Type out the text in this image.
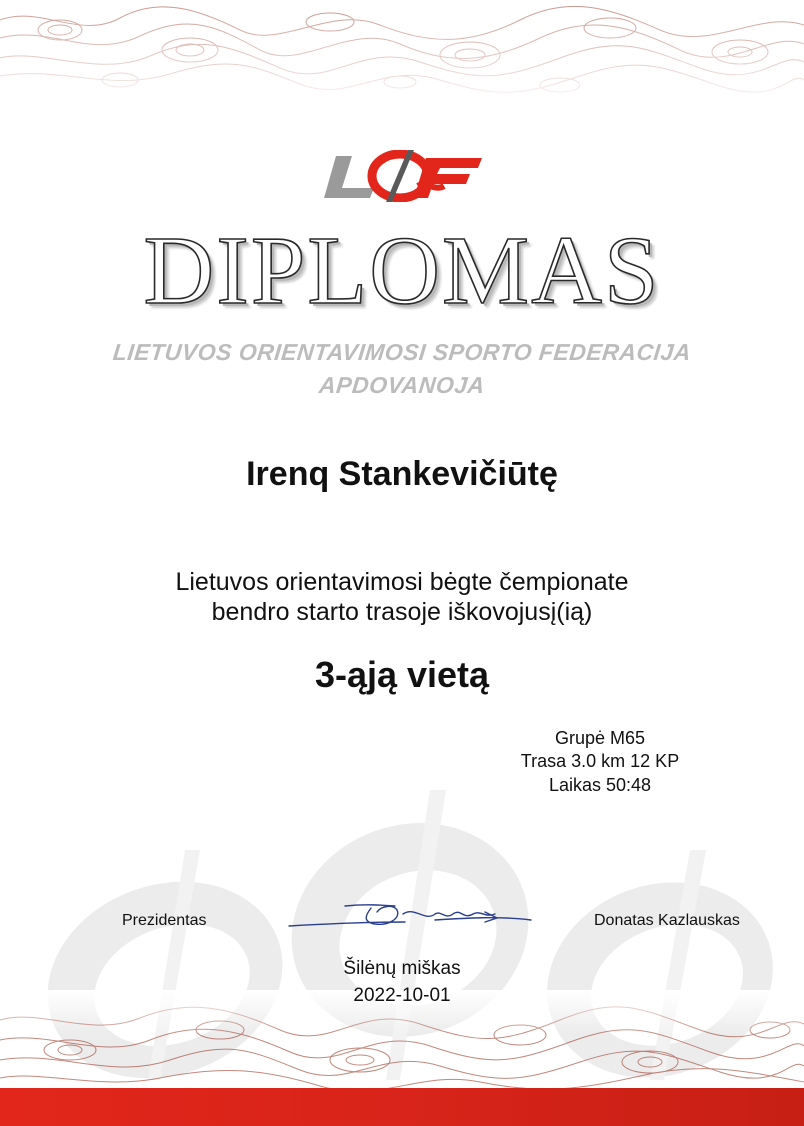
DIPLOMAS
LIETUVOS ORIENTAVIMOSI SPORTO FEDERACIJA
APDOVANOJA
Irenq Stankevičiūtę
Lietuvos orientavimosi bėgte čempionate
bendro starto trasoje iškovojusį(ią)
3-ąją vietą
Grupė M65
Trasa 3.0 km 12 KP
Laikas 50:48
Prezidentas	Donatas Kazlauskas
Šilėnų miškas
2022-10-01
